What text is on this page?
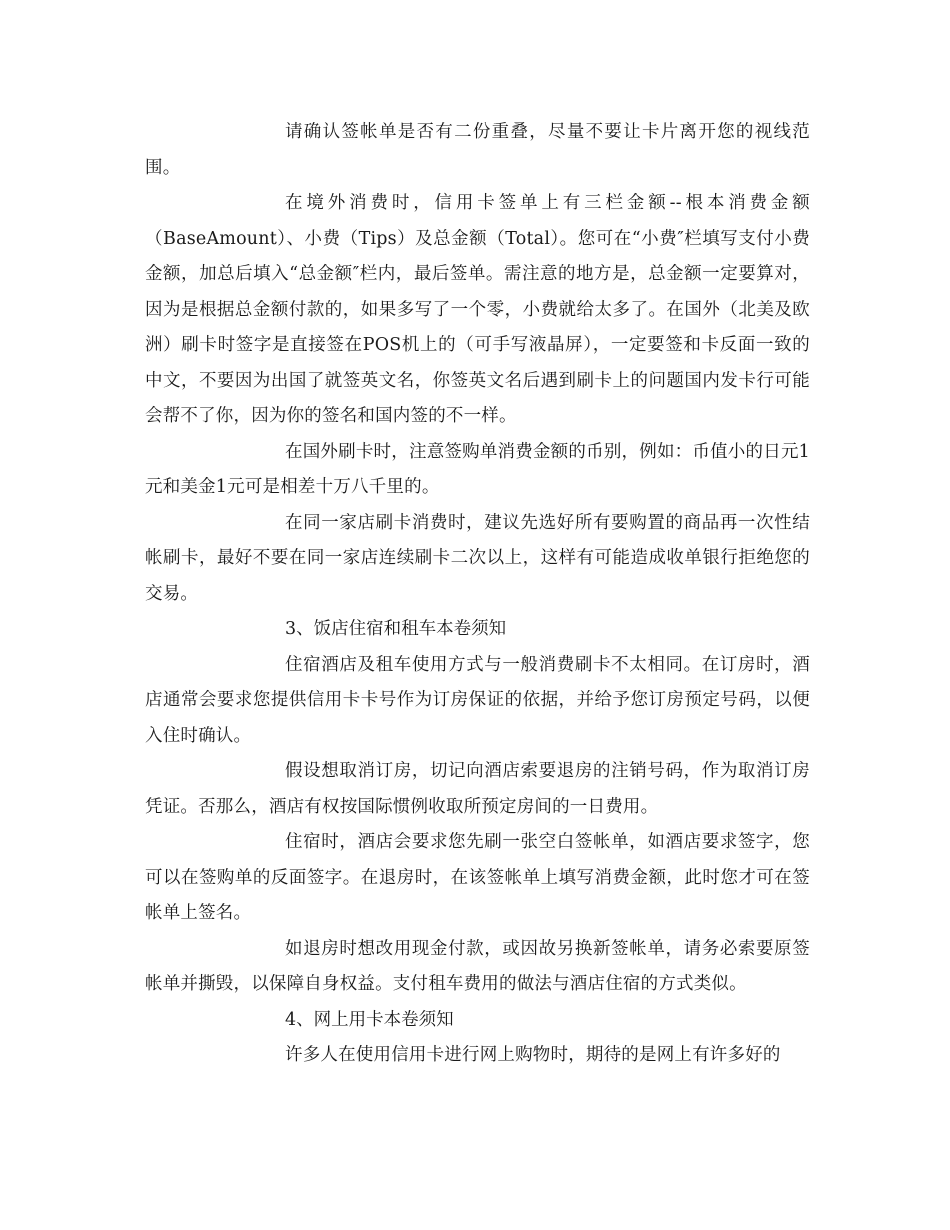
请确认签帐单是否有二份重叠，尽量不要让卡片离开您的视线范围。

在境外消费时，信用卡签单上有三栏金额--根本消费金额（BaseAmount）、小费（Tips）及总金额（Total）。您可在“小费″栏填写支付小费金额，加总后填入“总金额″栏内，最后签单。需注意的地方是，总金额一定要算对，因为是根据总金额付款的，如果多写了一个零，小费就给太多了。在国外（北美及欧洲）刷卡时签字是直接签在POS机上的（可手写液晶屏），一定要签和卡反面一致的中文，不要因为出国了就签英文名，你签英文名后遇到刷卡上的问题国内发卡行可能会帮不了你，因为你的签名和国内签的不一样。

在国外刷卡时，注意签购单消费金额的币别，例如：币值小的日元1元和美金1元可是相差十万八千里的。

在同一家店刷卡消费时，建议先选好所有要购置的商品再一次性结帐刷卡，最好不要在同一家店连续刷卡二次以上，这样有可能造成收单银行拒绝您的交易。

3、饭店住宿和租车本卷须知

住宿酒店及租车使用方式与一般消费刷卡不太相同。在订房时，酒店通常会要求您提供信用卡卡号作为订房保证的依据，并给予您订房预定号码，以便入住时确认。

假设想取消订房，切记向酒店索要退房的注销号码，作为取消订房凭证。否那么，酒店有权按国际惯例收取所预定房间的一日费用。

住宿时，酒店会要求您先刷一张空白签帐单，如酒店要求签字，您可以在签购单的反面签字。在退房时，在该签帐单上填写消费金额，此时您才可在签帐单上签名。

如退房时想改用现金付款，或因故另换新签帐单，请务必索要原签帐单并撕毁，以保障自身权益。支付租车费用的做法与酒店住宿的方式类似。

4、网上用卡本卷须知

许多人在使用信用卡进行网上购物时，期待的是网上有许多好的
